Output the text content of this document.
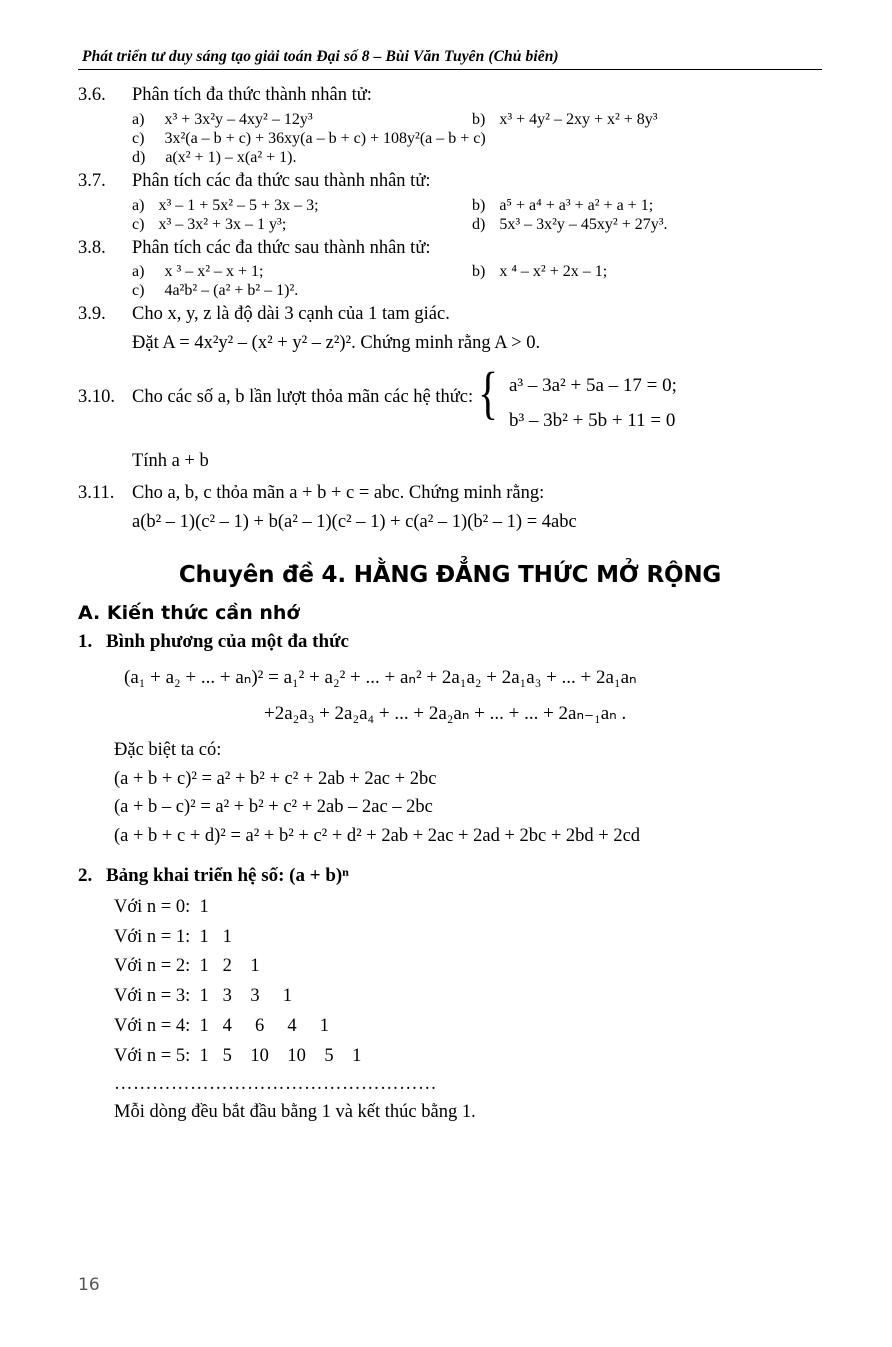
Phát triển tư duy sáng tạo giải toán Đại số 8 – Bùi Văn Tuyên (Chủ biên)
3.6.	Phân tích đa thức thành nhân tử:
a) x³ + 3x²y – 4xy² – 12y³	b) x³ + 4y² – 2xy + x² + 8y³
c) 3x²(a – b + c) + 36xy(a – b + c) + 108y²(a – b + c)
d) a(x² + 1) – x(a² + 1).
3.7.	Phân tích các đa thức sau thành nhân tử:
a) x³ – 1 + 5x² – 5 + 3x – 3;	b) a⁵ + a⁴ + a³ + a² + a + 1;
c) x³ – 3x² + 3x – 1 y³;	d) 5x³ – 3x²y – 45xy² + 27y³.
3.8.	Phân tích các đa thức sau thành nhân tử:
a) x ³ – x² – x + 1;	b) x ⁴ – x² + 2x – 1;
c) 4a²b² – (a² + b² – 1)².
3.9.	Cho x, y, z là độ dài 3 cạnh của 1 tam giác.
Đặt A = 4x²y² – (x² + y² – z²)². Chứng minh rằng A > 0.
3.10. Cho các số a, b lần lượt thỏa mãn các hệ thức: { a³ – 3a² + 5a – 17 = 0;
b³ – 3b² + 5b + 11 = 0
Tính a + b
3.11. Cho a, b, c thỏa mãn a + b + c = abc. Chứng minh rằng:
a(b² – 1)(c² – 1) + b(a² – 1)(c² – 1) + c(a² – 1)(b² – 1) = 4abc
Chuyên đề 4. HẰNG ĐẲNG THỨC MỞ RỘNG
A. Kiến thức cần nhớ
1. Bình phương của một đa thức
(a₁ + a₂ + ... + aₙ)² = a₁² + a₂² + ... + aₙ² + 2a₁a₂ + 2a₁a₃ + ... + 2a₁aₙ
+2a₂a₃ + 2a₂a₄ + ... + 2a₂aₙ + ... + ... + 2aₙ₋₁aₙ .
Đặc biệt ta có:
(a + b + c)² = a² + b² + c² + 2ab + 2ac + 2bc
(a + b – c)² = a² + b² + c² + 2ab – 2ac – 2bc
(a + b + c + d)² = a² + b² + c² + d² + 2ab + 2ac + 2ad + 2bc + 2bd + 2cd
2. Bảng khai triển hệ số: (a + b)ⁿ
Với n = 0:  1
Với n = 1:  1   1
Với n = 2:  1   2    1
Với n = 3:  1   3    3     1
Với n = 4:  1   4     6     4     1
Với n = 5:  1   5    10    10    5    1
……………………………………………
Mỗi dòng đều bắt đầu bằng 1 và kết thúc bằng 1.
16
